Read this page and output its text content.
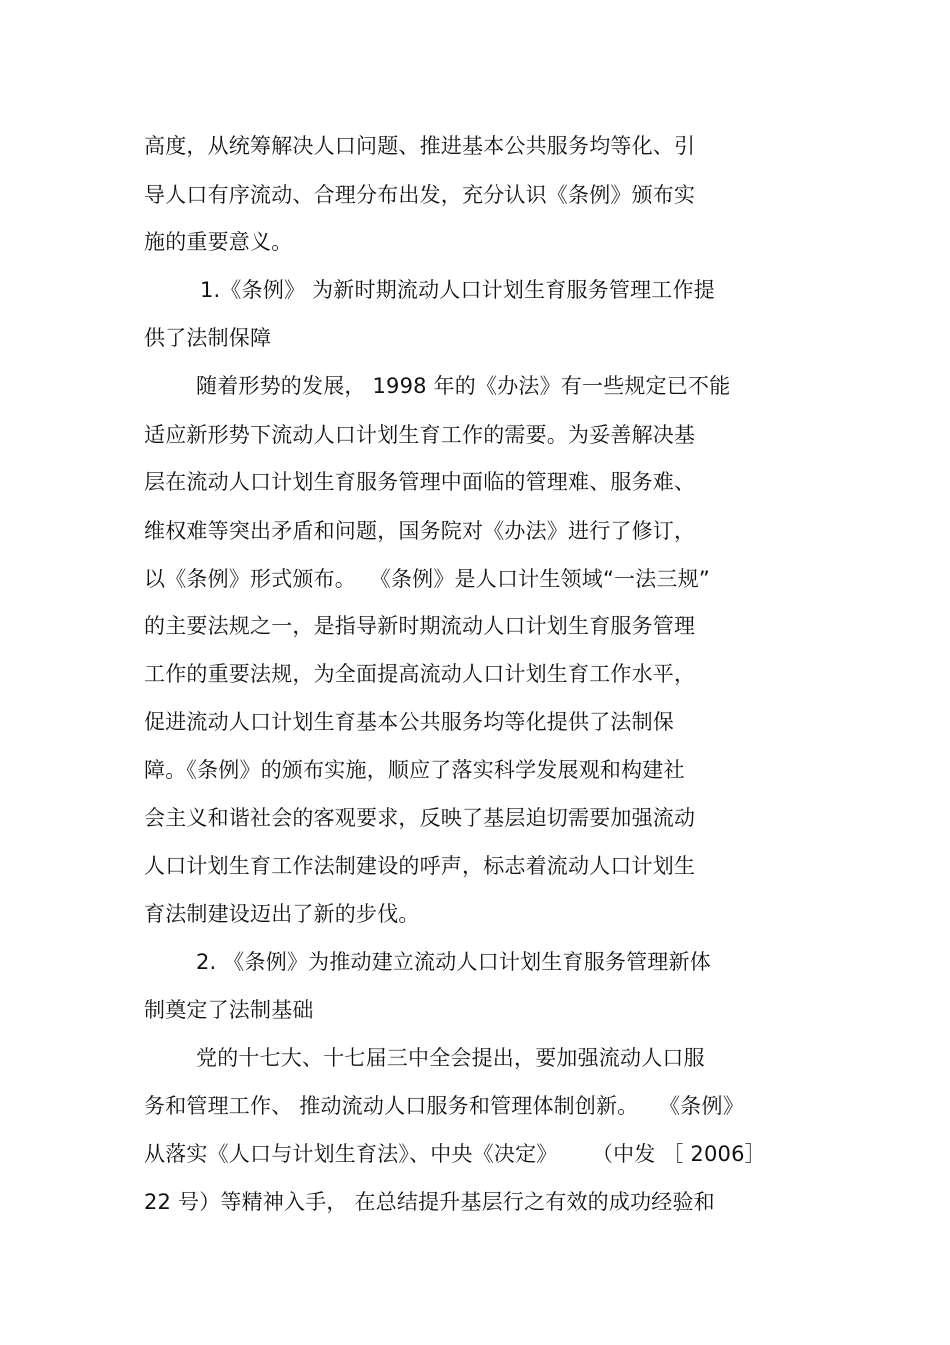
高度，从统筹解决人口问题、推进基本公共服务均等化、引
导人口有序流动、合理分布出发，充分认识《条例》颁布实
施的重要意义。
1.《条例》 为新时期流动人口计划生育服务管理工作提
供了法制保障
随着形势的发展， 1998 年的《办法》有一些规定已不能
适应新形势下流动人口计划生育工作的需要。为妥善解决基
层在流动人口计划生育服务管理中面临的管理难、服务难、
维权难等突出矛盾和问题，国务院对《办法》进行了修订，
以《条例》形式颁布。  《条例》是人口计生领域“一法三规”
的主要法规之一，是指导新时期流动人口计划生育服务管理
工作的重要法规，为全面提高流动人口计划生育工作水平，
促进流动人口计划生育基本公共服务均等化提供了法制保
障。《条例》的颁布实施，顺应了落实科学发展观和构建社
会主义和谐社会的客观要求，反映了基层迫切需要加强流动
人口计划生育工作法制建设的呼声，标志着流动人口计划生
育法制建设迈出了新的步伐。
2. 《条例》为推动建立流动人口计划生育服务管理新体
制奠定了法制基础
党的十七大、十七届三中全会提出，要加强流动人口服
务和管理工作、 推动流动人口服务和管理体制创新。   《条例》
从落实《人口与计划生育法》、中央《决定》     （中发 ［ 2006］
22 号）等精神入手， 在总结提升基层行之有效的成功经验和
